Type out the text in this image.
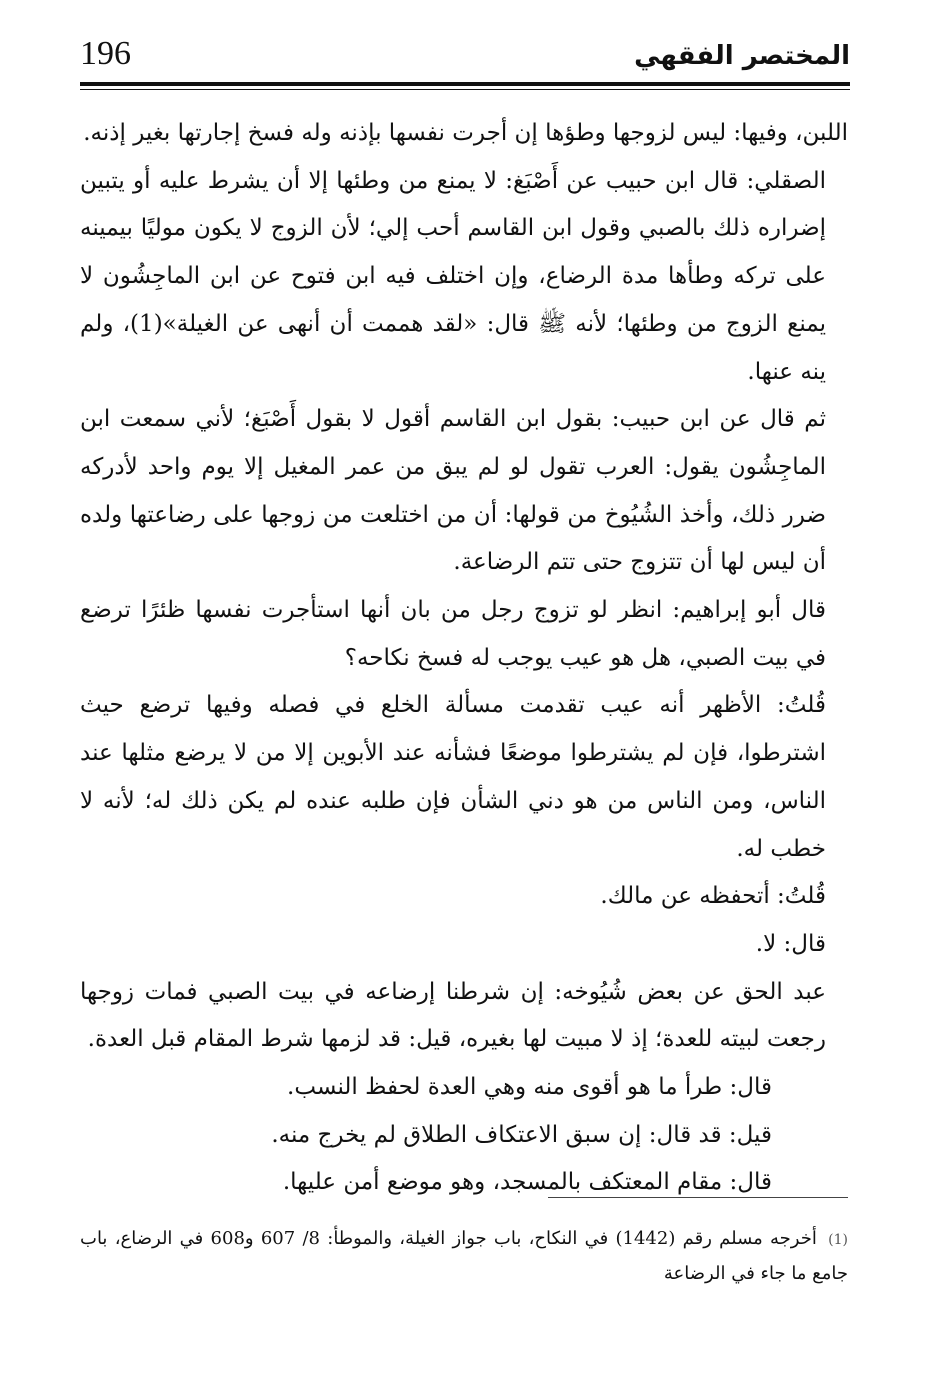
196	المختصر الفقهي

اللبن، وفيها: ليس لزوجها وطؤها إن أجرت نفسها بإذنه وله فسخ إجارتها بغير إذنه.

الصقلي: قال ابن حبيب عن أَصْبَغ: لا يمنع من وطئها إلا أن يشرط عليه أو يتبين إضراره ذلك بالصبي وقول ابن القاسم أحب إلي؛ لأن الزوج لا يكون موليًا بيمينه على تركه وطأها مدة الرضاع، وإن اختلف فيه ابن فتوح عن ابن الماجِشُون لا يمنع الزوج من وطئها؛ لأنه ﷺ قال: «لقد هممت أن أنهى عن الغيلة»(1)، ولم ينه عنها.

ثم قال عن ابن حبيب: بقول ابن القاسم أقول لا بقول أَصْبَغ؛ لأني سمعت ابن الماجِشُون يقول: العرب تقول لو لم يبق من عمر المغيل إلا يوم واحد لأدركه ضرر ذلك، وأخذ الشُيُوخ من قولها: أن من اختلعت من زوجها على رضاعتها ولده أن ليس لها أن تتزوج حتى تتم الرضاعة.

قال أبو إبراهيم: انظر لو تزوج رجل من بان أنها استأجرت نفسها ظئرًا ترضع في بيت الصبي، هل هو عيب يوجب له فسخ نكاحه؟

قُلتُ: الأظهر أنه عيب تقدمت مسألة الخلع في فصله وفيها ترضع حيث اشترطوا، فإن لم يشترطوا موضعًا فشأنه عند الأبوين إلا من لا يرضع مثلها عند الناس، ومن الناس من هو دني الشأن فإن طلبه عنده لم يكن ذلك له؛ لأنه لا خطب له.

قُلتُ: أتحفظه عن مالك.

قال: لا.

عبد الحق عن بعض شُيُوخه: إن شرطنا إرضاعه في بيت الصبي فمات زوجها رجعت لبيته للعدة؛ إذ لا مبيت لها بغيره، قيل: قد لزمها شرط المقام قبل العدة.

قال: طرأ ما هو أقوى منه وهي العدة لحفظ النسب.

قيل: قد قال: إن سبق الاعتكاف الطلاق لم يخرج منه.

قال: مقام المعتكف بالمسجد، وهو موضع أمن عليها.

(1) أخرجه مسلم رقم (1442) في النكاح، باب جواز الغيلة، والموطأ: 8/ 607 و608 في الرضاع، باب جامع ما جاء في الرضاعة
